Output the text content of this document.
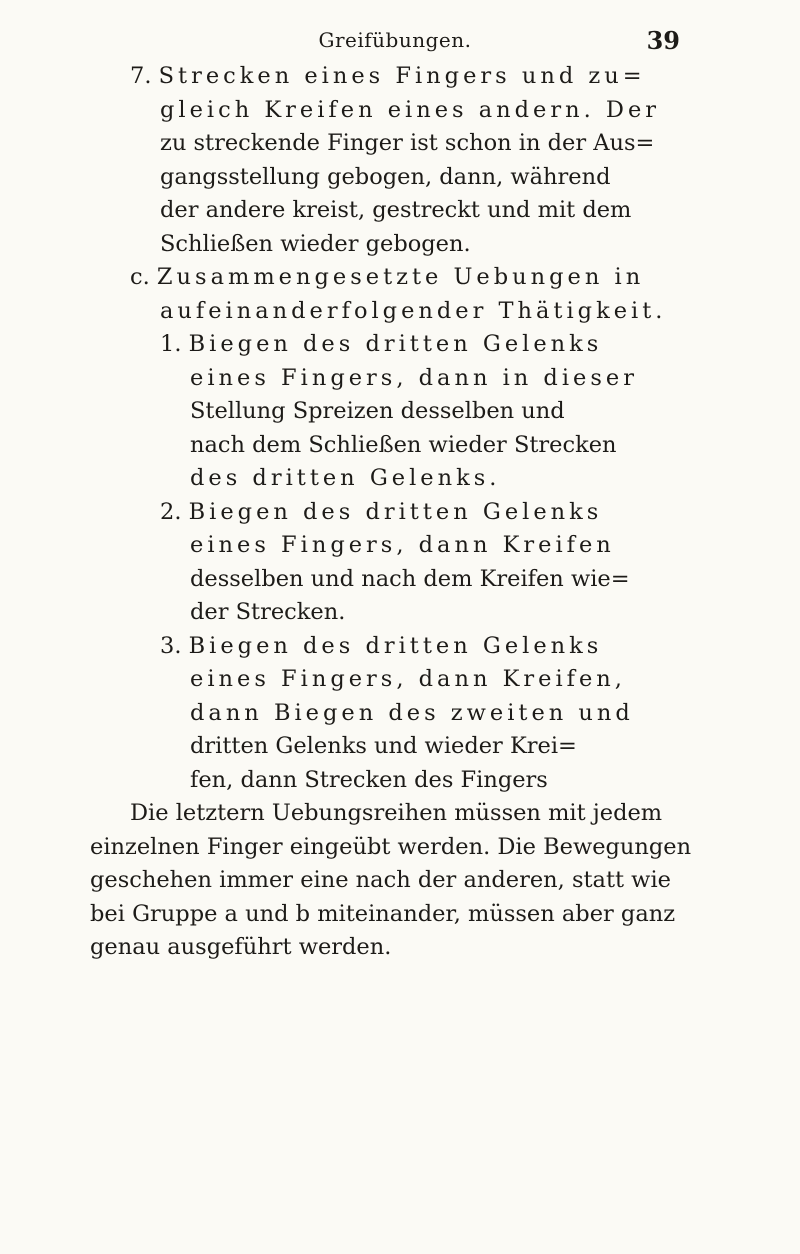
Greifübungen.	39
7. Strecken eines Fingers und zu=
gleich Kreifen eines andern. Der
zu streckende Finger ist schon in der Aus=
gangsstellung gebogen, dann, während
der andere kreist, gestreckt und mit dem
Schließen wieder gebogen.
c. Zusammengesetzte Uebungen in
aufeinanderfolgender Thätigkeit.
1. Biegen des dritten Gelenks
eines Fingers, dann in dieser
Stellung Spreizen desselben und
nach dem Schließen wieder Strecken
des dritten Gelenks.
2. Biegen des dritten Gelenks
eines Fingers, dann Kreifen
desselben und nach dem Kreifen wie=
der Strecken.
3. Biegen des dritten Gelenks
eines Fingers, dann Kreifen,
dann Biegen des zweiten und
dritten Gelenks und wieder Krei=
fen, dann Strecken des Fingers
Die letztern Uebungsreihen müssen mit jedem
einzelnen Finger eingeübt werden. Die Bewegungen
geschehen immer eine nach der anderen, statt wie
bei Gruppe a und b miteinander, müssen aber ganz
genau ausgeführt werden.
